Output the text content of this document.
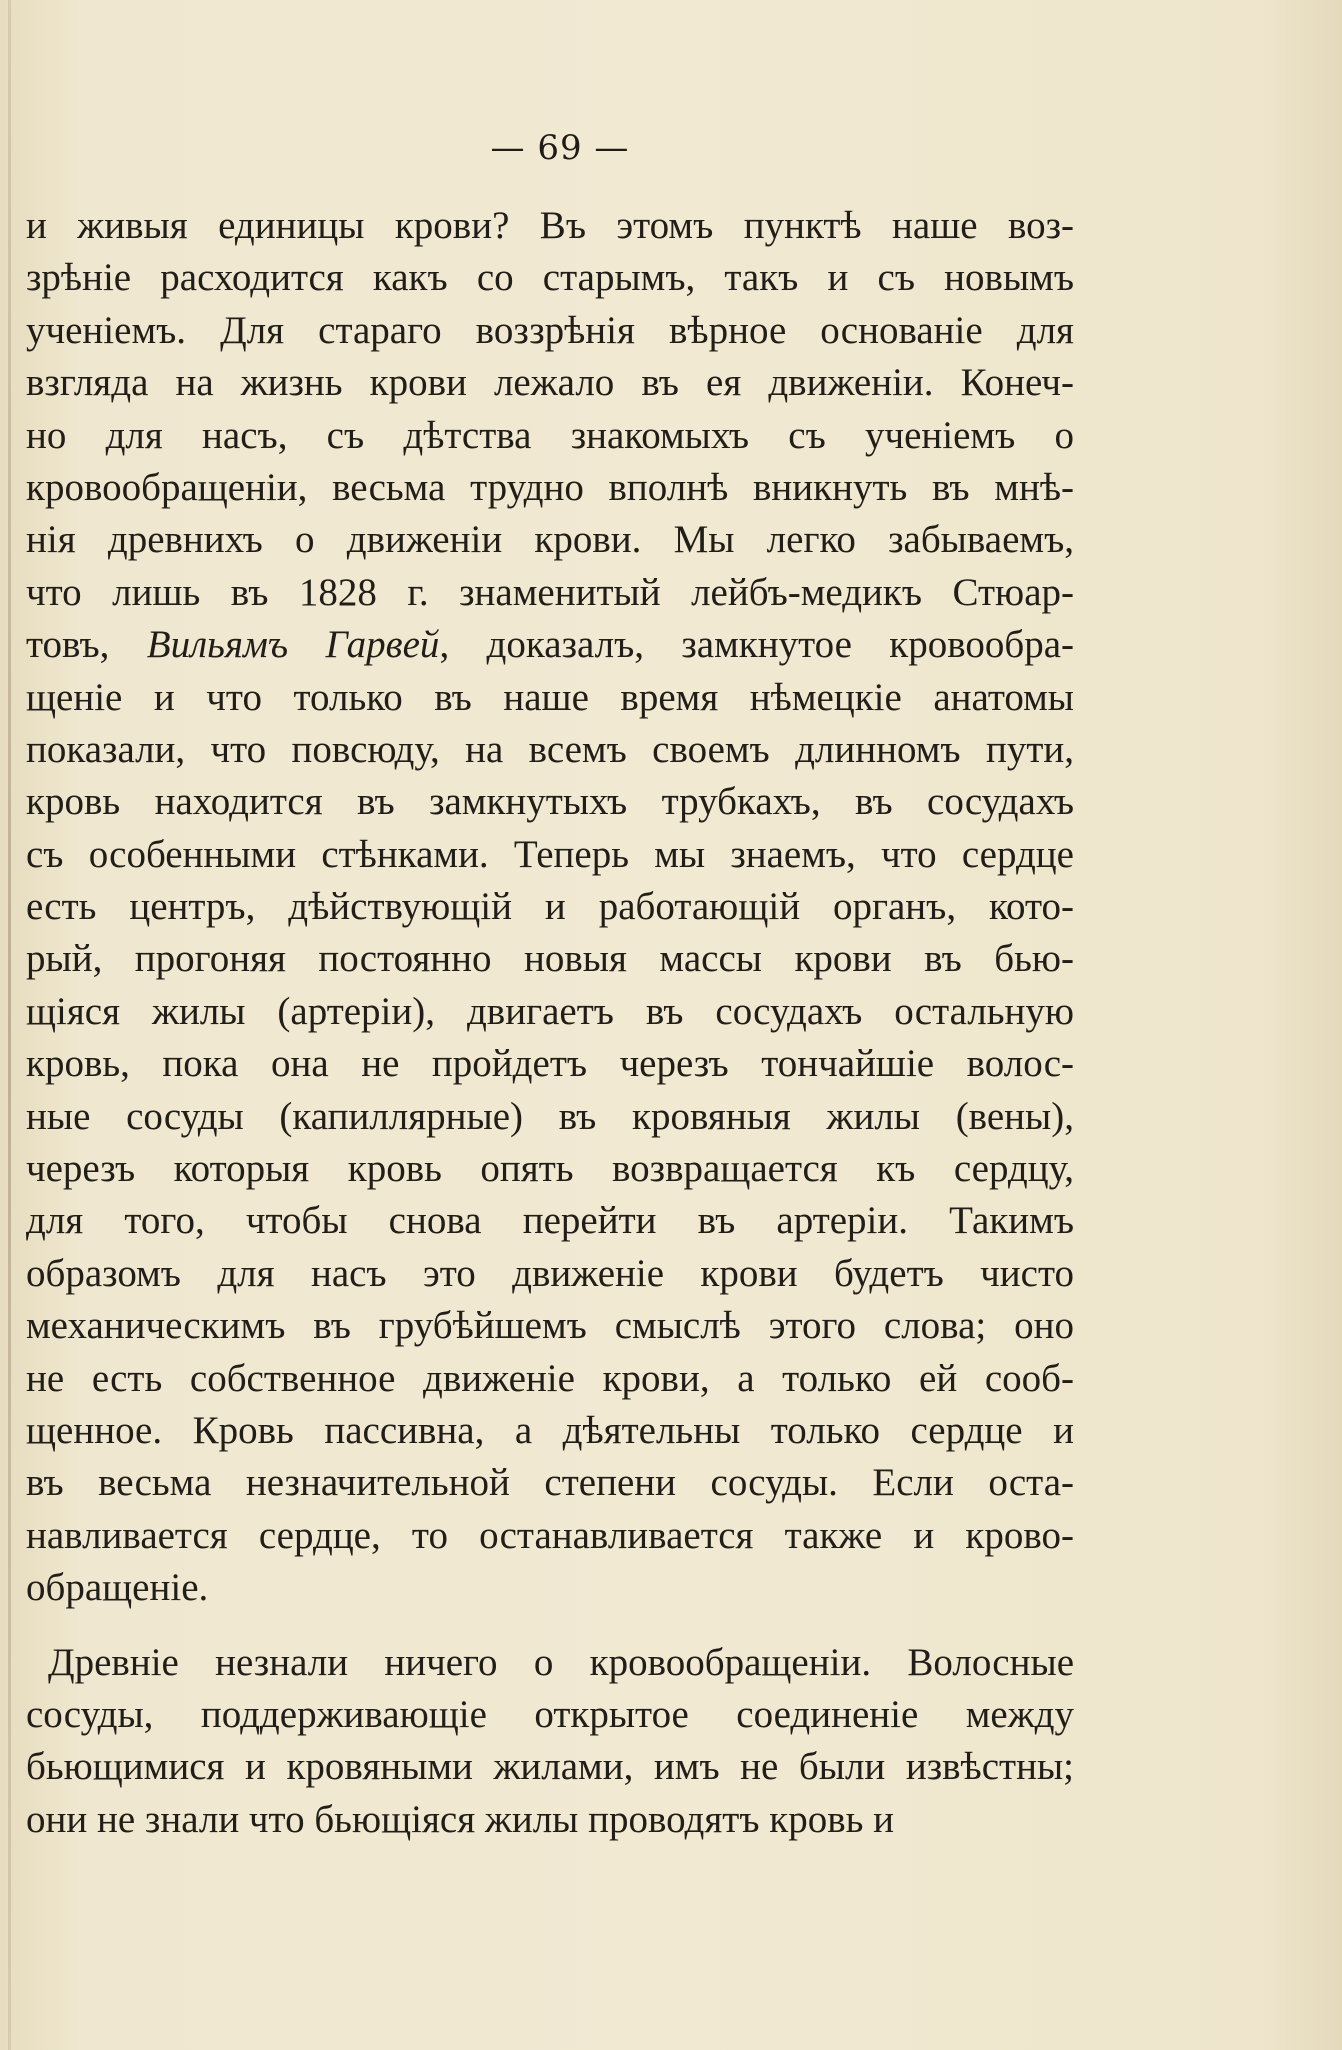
— 69 —
и живыя единицы крови? Въ этомъ пунктѣ наше воз-
зрѣніе расходится какъ со старымъ, такъ и съ новымъ
ученіемъ. Для стараго воззрѣнія вѣрное основаніе для
взгляда на жизнь крови лежало въ ея движеніи. Конеч-
но для насъ, съ дѣтства знакомыхъ съ ученіемъ о
кровообращеніи, весьма трудно вполнѣ вникнуть въ мнѣ-
нія древнихъ о движеніи крови. Мы легко забываемъ,
что лишь въ 1828 г. знаменитый лейбъ-медикъ Стюар-
товъ, Вильямъ Гарвей, доказалъ, замкнутое кровообра-
щеніе и что только въ наше время нѣмецкіе анатомы
показали, что повсюду, на всемъ своемъ длинномъ пути,
кровь находится въ замкнутыхъ трубкахъ, въ сосудахъ
съ особенными стѣнками. Теперь мы знаемъ, что сердце
есть центръ, дѣйствующій и работающій органъ, кото-
рый, прогоняя постоянно новыя массы крови въ бью-
щіяся жилы (артеріи), двигаетъ въ сосудахъ остальную
кровь, пока она не пройдетъ черезъ тончайшіе волос-
ные сосуды (капиллярные) въ кровяныя жилы (вены),
черезъ которыя кровь опять возвращается къ сердцу,
для того, чтобы снова перейти въ артеріи. Такимъ
образомъ для насъ это движеніе крови будетъ чисто
механическимъ въ грубѣйшемъ смыслѣ этого слова; оно
не есть собственное движеніе крови, а только ей сооб-
щенное. Кровь пассивна, а дѣятельны только сердце и
въ весьма незначительной степени сосуды. Если оста-
навливается сердце, то останавливается также и крово-
обращеніе.
Древніе незнали ничего о кровообращеніи. Волосные
сосуды, поддерживающіе открытое соединеніе между
бьющимися и кровяными жилами, имъ не были извѣстны;
они не знали что бьющіяся жилы проводятъ кровь и
